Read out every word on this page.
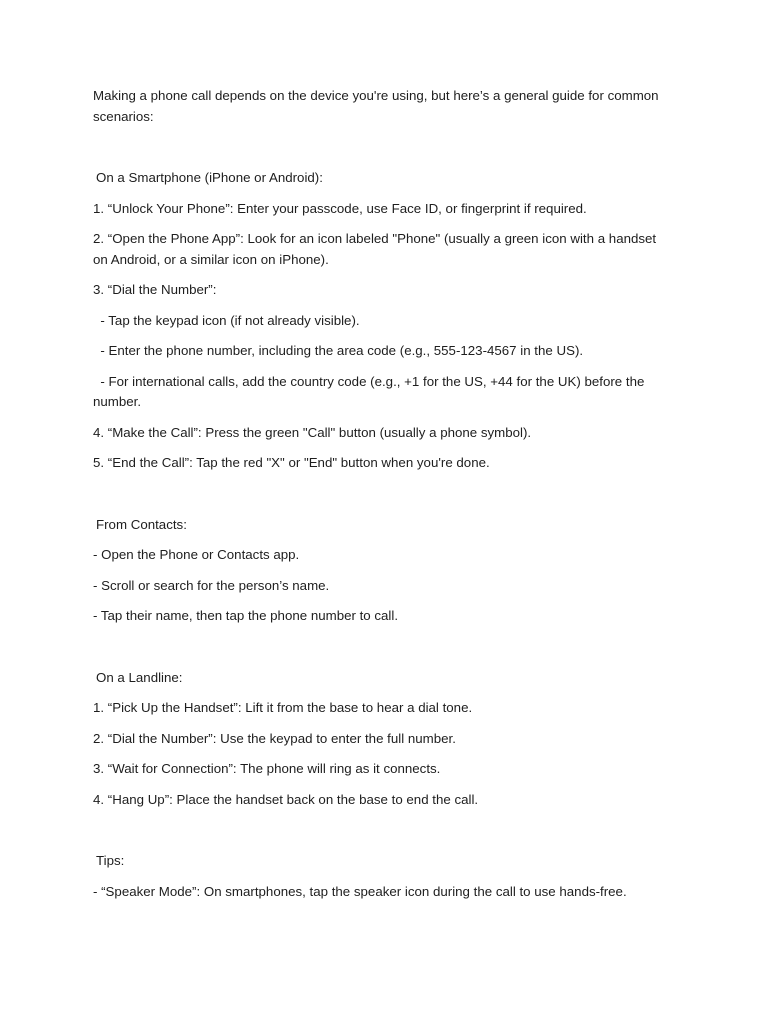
Making a phone call depends on the device you're using, but here’s a general guide for common scenarios:

On a Smartphone (iPhone or Android):

1. “Unlock Your Phone”: Enter your passcode, use Face ID, or fingerprint if required.

2. “Open the Phone App”: Look for an icon labeled "Phone" (usually a green icon with a handset on Android, or a similar icon on iPhone).

3. “Dial the Number”:

- Tap the keypad icon (if not already visible).

- Enter the phone number, including the area code (e.g., 555-123-4567 in the US).

- For international calls, add the country code (e.g., +1 for the US, +44 for the UK) before the number.

4. “Make the Call”: Press the green "Call" button (usually a phone symbol).

5. “End the Call”: Tap the red "X" or "End" button when you're done.

From Contacts:

- Open the Phone or Contacts app.

- Scroll or search for the person’s name.

- Tap their name, then tap the phone number to call.

On a Landline:

1. “Pick Up the Handset”: Lift it from the base to hear a dial tone.

2. “Dial the Number”: Use the keypad to enter the full number.

3. “Wait for Connection”: The phone will ring as it connects.

4. “Hang Up”: Place the handset back on the base to end the call.

Tips:

- “Speaker Mode”: On smartphones, tap the speaker icon during the call to use hands-free.
